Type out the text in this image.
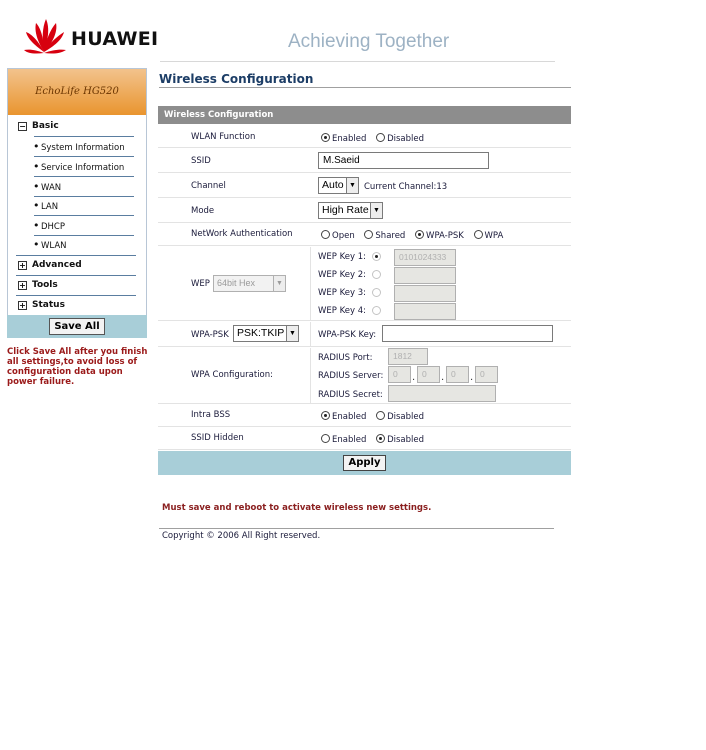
HUAWEI	Achieving Together
EchoLife HG520
− Basic
• System Information
• Service Information
• WAN
• LAN
• DHCP
• WLAN
+ Advanced
+ Tools
+ Status
Save All
Click Save All after you finish all settings,to avoid loss of configuration data upon power failure.
Wireless Configuration
Wireless Configuration
WLAN Function	Enabled Disabled
SSID	M.Saeid
Channel	Auto ▼ Current Channel:13
Mode	High Rate ▼
NetWork Authentication	Open Shared WPA-PSK WPA
WEP 64bit Hex	▼
WEP Key 1:	0101024333
WEP Key 2:
WEP Key 3:
WEP Key 4:
WPA-PSK PSK:TKIP ▼	WPA-PSK Key:
WPA Configuration:
RADIUS Port:	1812
RADIUS Server:	0	. 0	. 0	. 0
RADIUS Secret:
Intra BSS	Enabled Disabled
SSID Hidden	Enabled Disabled
Apply
Must save and reboot to activate wireless new settings.
Copyright © 2006 All Right reserved.
